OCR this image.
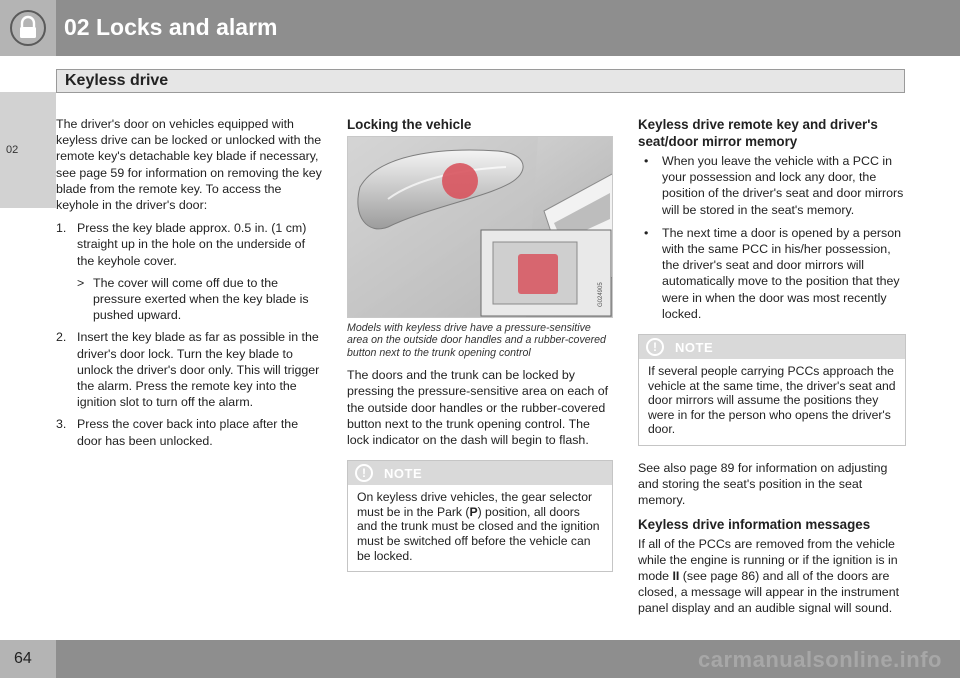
02 Locks and alarm
Keyless drive
02

The driver's door on vehicles equipped with keyless drive can be locked or unlocked with the remote key's detachable key blade if necessary, see page 59 for information on removing the key blade from the remote key. To access the keyhole in the driver's door:

1. Press the key blade approx. 0.5 in. (1 cm) straight up in the hole on the underside of the keyhole cover.
> The cover will come off due to the pressure exerted when the key blade is pushed upward.
2. Insert the key blade as far as possible in the driver's door lock. Turn the key blade to unlock the driver's door only. This will trigger the alarm. Press the remote key into the ignition slot to turn off the alarm.
3. Press the cover back into place after the door has been unlocked.
Locking the vehicle
G024905
Models with keyless drive have a pressure-sensitive area on the outside door handles and a rubber-covered button next to the trunk opening control

The doors and the trunk can be locked by pressing the pressure-sensitive area on each of the outside door handles or the rubber-covered button next to the trunk opening control. The lock indicator on the dash will begin to flash.

!	NOTE
On keyless drive vehicles, the gear selector must be in the Park (P) position, all doors and the trunk must be closed and the ignition must be switched off before the vehicle can be locked.
Keyless drive remote key and driver's seat/door mirror memory
• When you leave the vehicle with a PCC in your possession and lock any door, the position of the driver's seat and door mirrors will be stored in the seat's memory.
• The next time a door is opened by a person with the same PCC in his/her possession, the driver's seat and door mirrors will automatically move to the position that they were in when the door was most recently locked.
!	NOTE
If several people carrying PCCs approach the vehicle at the same time, the driver's seat and door mirrors will assume the positions they were in for the person who opens the driver's door.

See also page 89 for information on adjusting and storing the seat's position in the seat memory.

Keyless drive information messages

If all of the PCCs are removed from the vehicle while the engine is running or if the ignition is in mode II (see page 86) and all of the doors are closed, a message will appear in the instrument panel display and an audible signal will sound.

64	carmanualsonline.info
